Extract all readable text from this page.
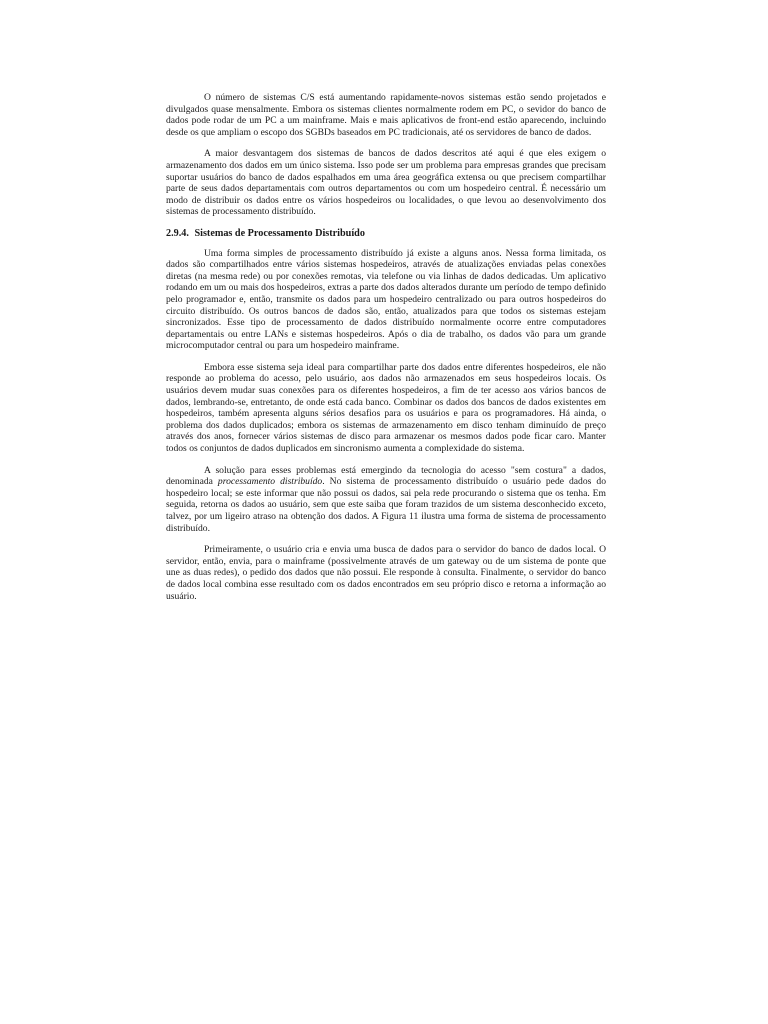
O número de sistemas C/S está aumentando rapidamente-novos sistemas estão sendo projetados e divulgados quase mensalmente. Embora os sistemas clientes normalmente rodem em PC, o sevidor do banco de dados pode rodar de um PC a um mainframe. Mais e mais aplicativos de front-end estão aparecendo, incluindo desde os que ampliam o escopo dos SGBDs baseados em PC tradicionais, até os servidores de banco de dados.

A maior desvantagem dos sistemas de bancos de dados descritos até aqui é que eles exigem o armazenamento dos dados em um único sistema. Isso pode ser um problema para empresas grandes que precisam suportar usuários do banco de dados espalhados em uma área geográfica extensa ou que precisem compartilhar parte de seus dados departamentais com outros departamentos ou com um hospedeiro central. É necessário um modo de distribuir os dados entre os vários hospedeiros ou localidades, o que levou ao desenvolvimento dos sistemas de processamento distribuído.

2.9.4. Sistemas de Processamento Distribuído

Uma forma simples de processamento distribuído já existe a alguns anos. Nessa forma limitada, os dados são compartilhados entre vários sistemas hospedeiros, através de atualizações enviadas pelas conexões diretas (na mesma rede) ou por conexões remotas, via telefone ou via linhas de dados dedicadas. Um aplicativo rodando em um ou mais dos hospedeiros, extras a parte dos dados alterados durante um período de tempo definido pelo programador e, então, transmite os dados para um hospedeiro centralizado ou para outros hospedeiros do circuito distribuído. Os outros bancos de dados são, então, atualizados para que todos os sistemas estejam sincronizados. Esse tipo de processamento de dados distribuído normalmente ocorre entre computadores departamentais ou entre LANs e sistemas hospedeiros. Após o dia de trabalho, os dados vão para um grande microcomputador central ou para um hospedeiro mainframe.

Embora esse sistema seja ideal para compartilhar parte dos dados entre diferentes hospedeiros, ele não responde ao problema do acesso, pelo usuário, aos dados não armazenados em seus hospedeiros locais. Os usuários devem mudar suas conexões para os diferentes hospedeiros, a fim de ter acesso aos vários bancos de dados, lembrando-se, entretanto, de onde está cada banco. Combinar os dados dos bancos de dados existentes em hospedeiros, também apresenta alguns sérios desafios para os usuários e para os programadores. Há ainda, o problema dos dados duplicados; embora os sistemas de armazenamento em disco tenham diminuído de preço através dos anos, fornecer vários sistemas de disco para armazenar os mesmos dados pode ficar caro. Manter todos os conjuntos de dados duplicados em sincronismo aumenta a complexidade do sistema.

A solução para esses problemas está emergindo da tecnologia do acesso "sem costura" a dados, denominada processamento distribuído. No sistema de processamento distribuído o usuário pede dados do hospedeiro local; se este informar que não possui os dados, sai pela rede procurando o sistema que os tenha. Em seguida, retorna os dados ao usuário, sem que este saiba que foram trazidos de um sistema desconhecido exceto, talvez, por um ligeiro atraso na obtenção dos dados. A Figura 11 ilustra uma forma de sistema de processamento distribuído.

Primeiramente, o usuário cria e envia uma busca de dados para o servidor do banco de dados local. O servidor, então, envia, para o mainframe (possivelmente através de um gateway ou de um sistema de ponte que une as duas redes), o pedido dos dados que não possui. Ele responde à consulta. Finalmente, o servidor do banco de dados local combina esse resultado com os dados encontrados em seu próprio disco e retorna a informação ao usuário.
